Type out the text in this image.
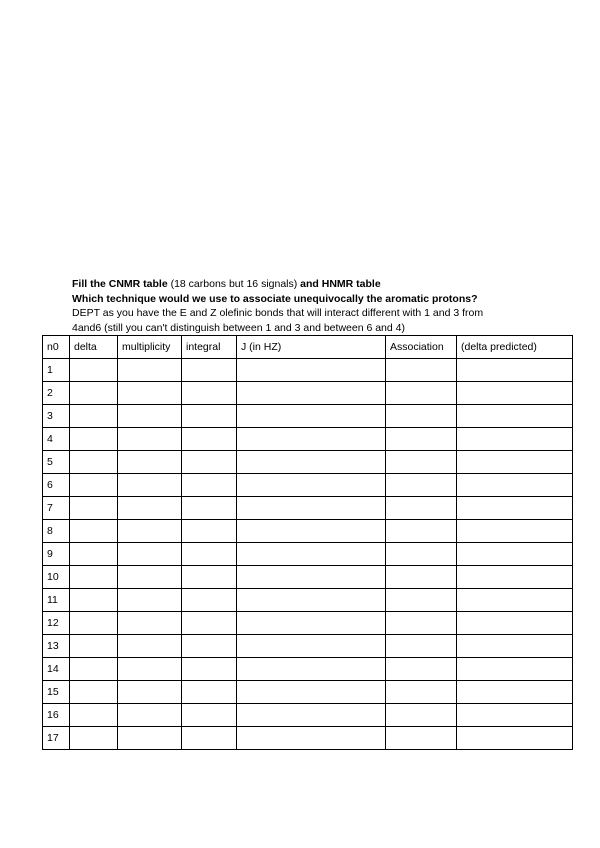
Fill the CNMR table (18 carbons but 16 signals) and HNMR table
Which technique would we use to associate unequivocally the aromatic protons?
DEPT as you have the E and Z olefinic bonds that will interact different with 1 and 3 from
4and6 (still you can't distinguish between 1 and 3 and between 6 and 4)
n0	delta	multiplicity	integral	J (in HZ)	Association	(delta predicted)
1						
2						
3						
4						
5						
6						
7						
8						
9						
10						
11						
12						
13						
14						
15						
16						
17						
